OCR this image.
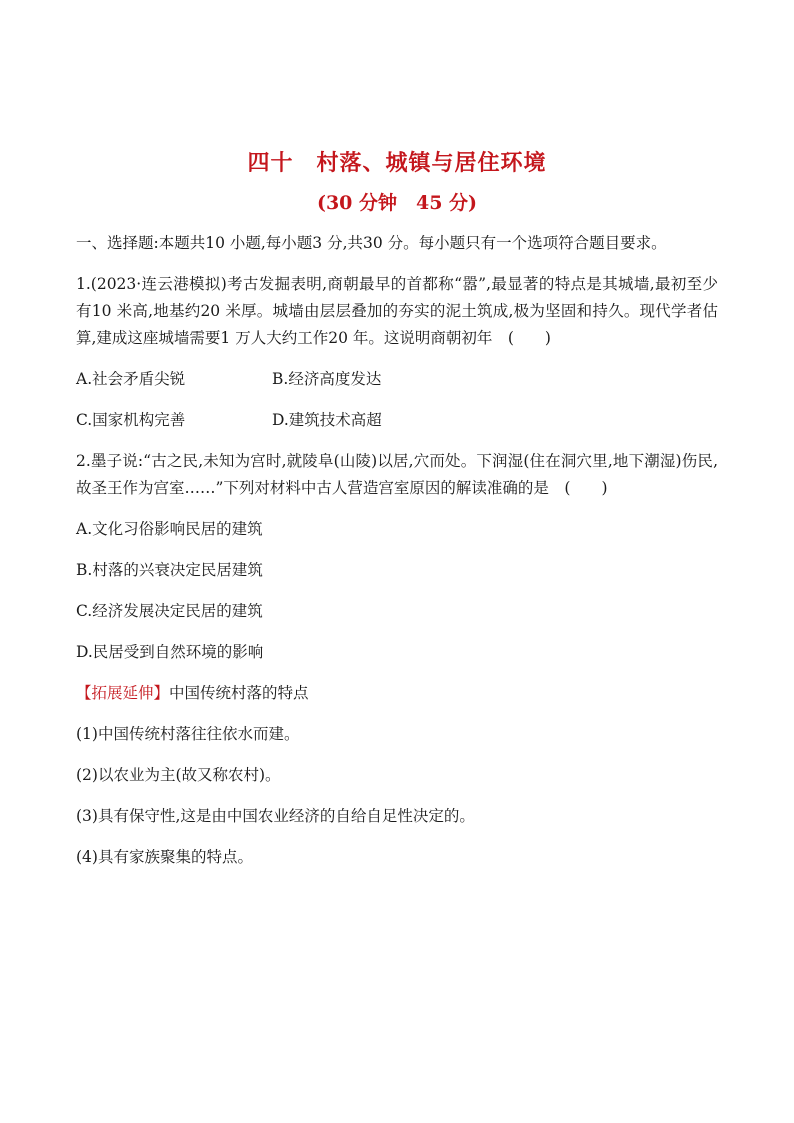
四十　村落、城镇与居住环境
(30 分钟　45 分)

一、选择题:本题共10 小题,每小题3 分,共30 分。每小题只有一个选项符合题目要求。

1.(2023·连云港模拟)考古发掘表明,商朝最早的首都称“嚣”,最显著的特点是其城墙,最初至少有10 米高,地基约20 米厚。城墙由层层叠加的夯实的泥土筑成,极为坚固和持久。现代学者估算,建成这座城墙需要1 万人大约工作20 年。这说明商朝初年　(　　)

A.社会矛盾尖锐	B.经济高度发达
C.国家机构完善	D.建筑技术高超

2.墨子说:“古之民,未知为宫时,就陵阜(山陵)以居,穴而处。下润湿(住在洞穴里,地下潮湿)伤民,故圣王作为宫室……”下列对材料中古人营造宫室原因的解读准确的是　(　　)

A.文化习俗影响民居的建筑
B.村落的兴衰决定民居建筑
C.经济发展决定民居的建筑
D.民居受到自然环境的影响
【拓展延伸】中国传统村落的特点
(1)中国传统村落往往依水而建。
(2)以农业为主(故又称农村)。
(3)具有保守性,这是由中国农业经济的自给自足性决定的。
(4)具有家族聚集的特点。
